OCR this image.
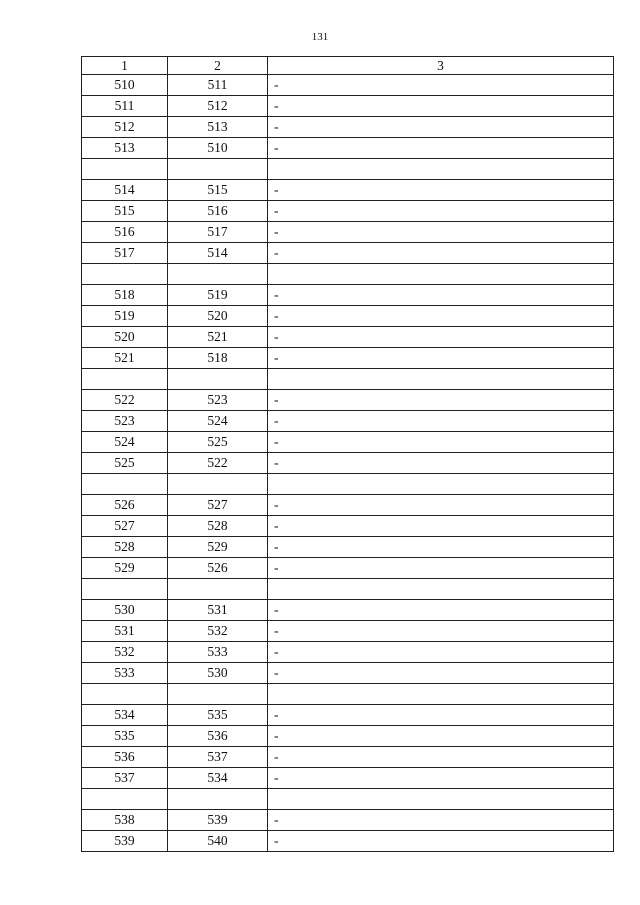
131
1	2	3
510	511	-
511	512	-
512	513	-
513	510	-

514	515	-
515	516	-
516	517	-
517	514	-

518	519	-
519	520	-
520	521	-
521	518	-

522	523	-
523	524	-
524	525	-
525	522	-

526	527	-
527	528	-
528	529	-
529	526	-

530	531	-
531	532	-
532	533	-
533	530	-

534	535	-
535	536	-
536	537	-
537	534	-

538	539	-
539	540	-
